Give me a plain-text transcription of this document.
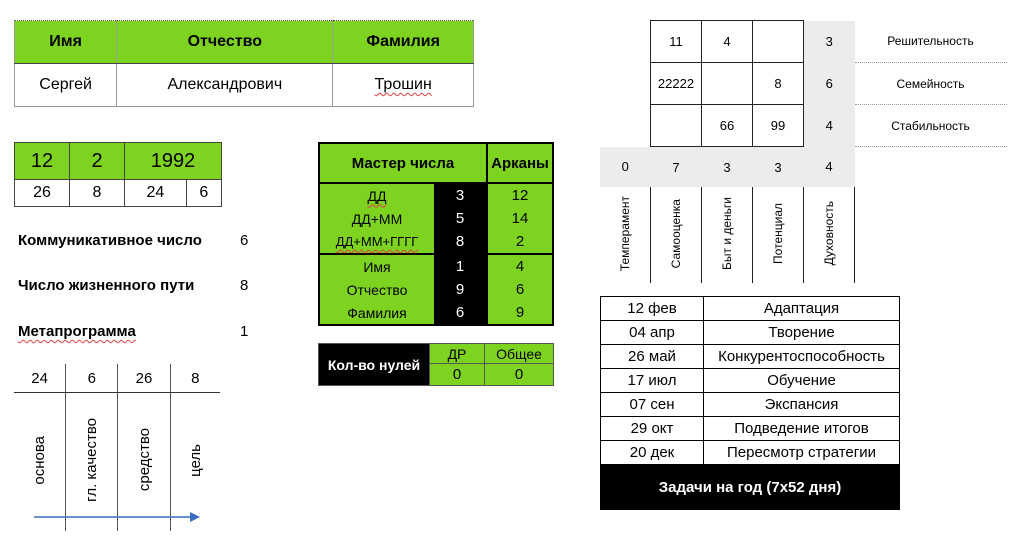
Имя	Отчество	Фамилия
Сергей	Александрович	Трошин
12	2	1992	
26	8	24	6
Коммуникативное число	6
Число жизненного пути	8
Метапрограмма	1
24	6	26	8
основа	гл. качество	средство	цель
Мастер числа		Арканы
ДД	3	12
ДД+ММ	5	14
ДД+ММ+ГГГГ	8	2
Имя	1	4
Отчество	9	6
Фамилия	6	9
Кол-во нулей	ДР	Общее
	0	0
	11	4		3	Решительность
	22222		8	6	Семейность
		66	99	4	Стабильность
0	7	3	3	4	
Темперамент	Самооценка	Быт и деньги	Потенциал	Духовность	
12 фев	Адаптация
04 апр	Творение
26 май	Конкурентоспособность
17 июл	Обучение
07 сен	Экспансия
29 окт	Подведение итогов
20 дек	Пересмотр стратегии
Задачи на год (7х52 дня)	
